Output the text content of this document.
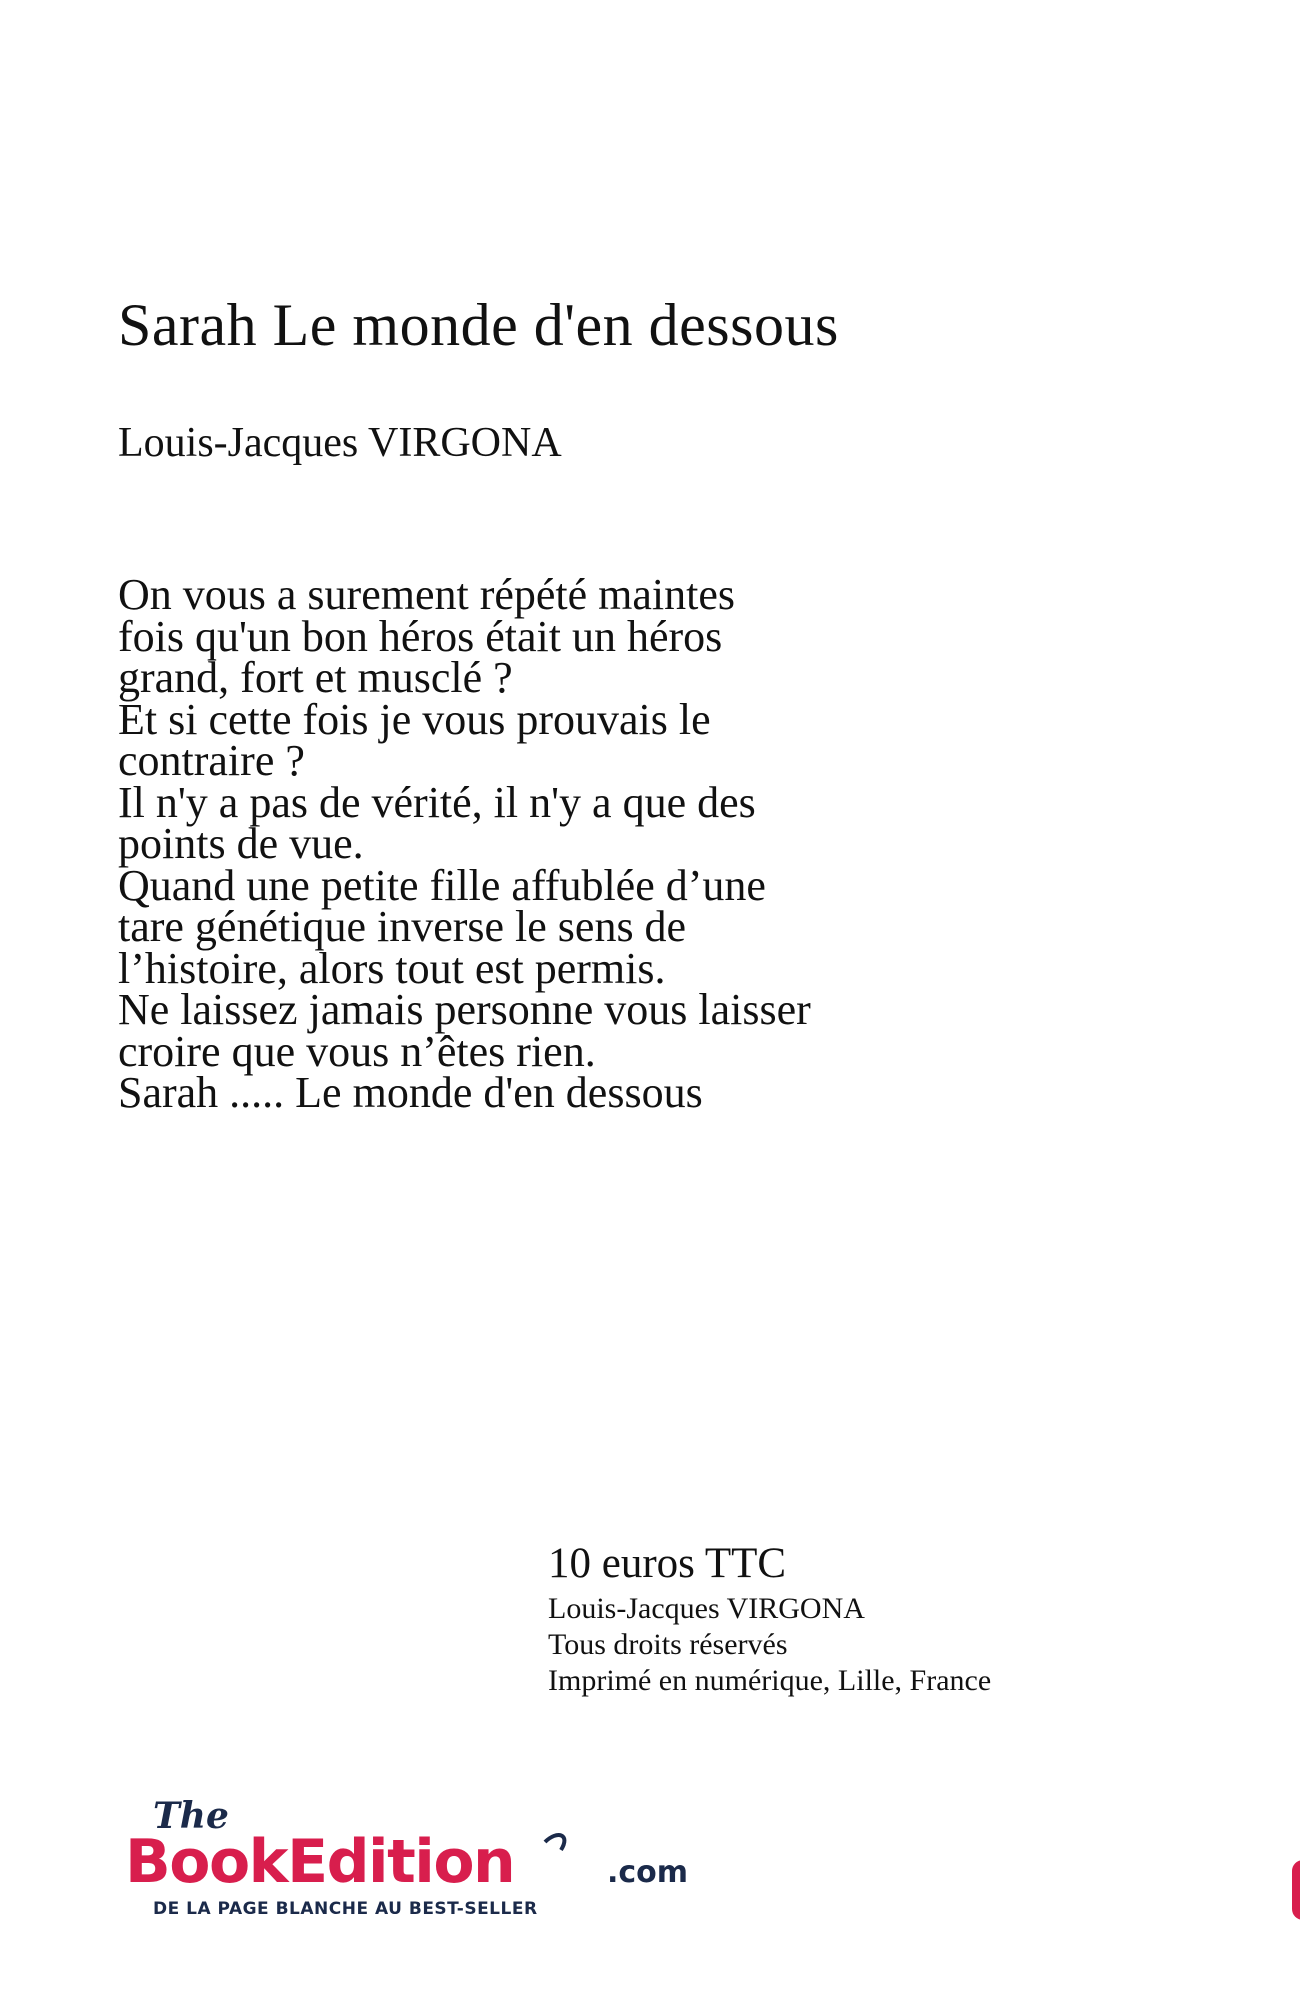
Sarah Le monde d'en dessous

Louis-Jacques VIRGONA

On vous a surement répété maintes
fois qu'un bon héros était un héros
grand, fort et musclé ?
Et si cette fois je vous prouvais le
contraire ?
Il n'y a pas de vérité, il n'y a que des
points de vue.
Quand une petite fille affublée d’une
tare génétique inverse le sens de
l’histoire, alors tout est permis.
Ne laissez jamais personne vous laisser
croire que vous n’êtes rien.
Sarah ..... Le monde d'en dessous

10 euros TTC

Louis-Jacques VIRGONA

Tous droits réservés

Imprimé en numérique, Lille, France

The
BookEdition	.com
DE LA PAGE BLANCHE AU BEST-SELLER
